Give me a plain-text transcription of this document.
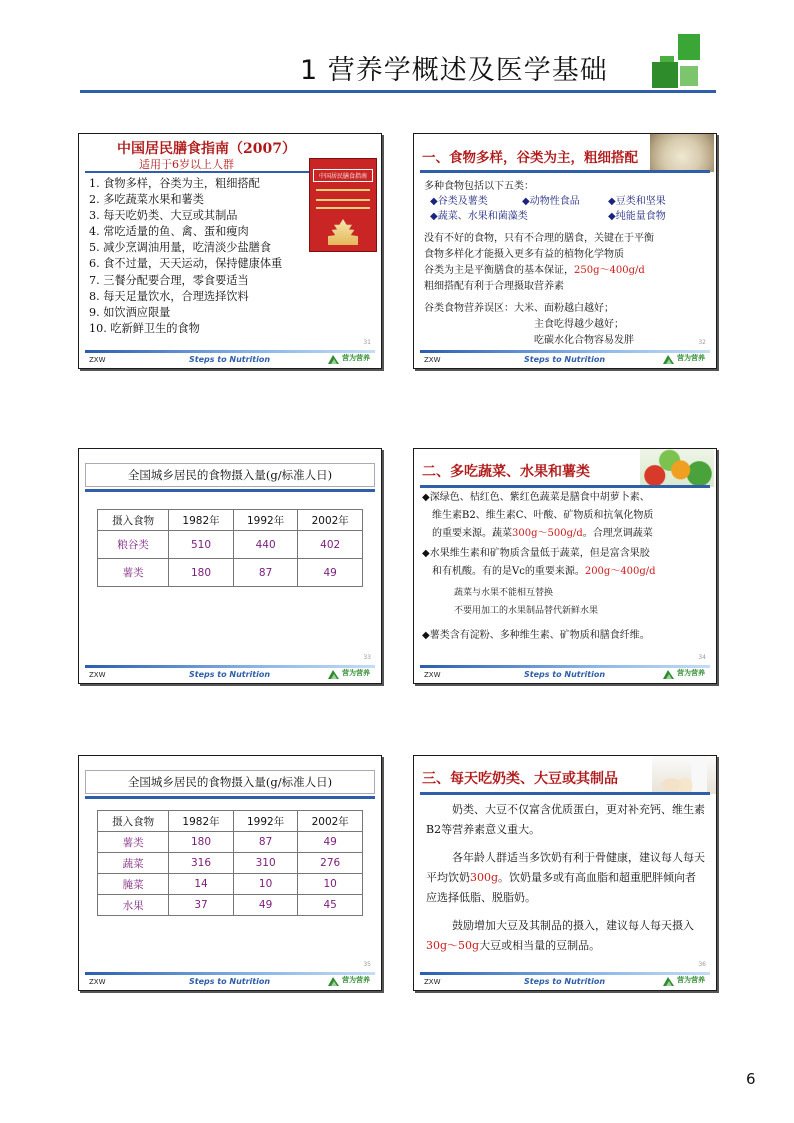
1 营养学概述及医学基础
中国居民膳食指南（2007）
适用于6岁以上人群
1. 食物多样，谷类为主，粗细搭配
2. 多吃蔬菜水果和薯类
3. 每天吃奶类、大豆或其制品
4. 常吃适量的鱼、禽、蛋和瘦肉
5. 减少烹调油用量，吃清淡少盐膳食
6. 食不过量，天天运动，保持健康体重
7. 三餐分配要合理，零食要适当
8. 每天足量饮水，合理选择饮料
9. 如饮酒应限量
10. 吃新鲜卫生的食物
中国居民膳食指南
31
ZXW	Steps to Nutrition	营为营养
一、食物多样，谷类为主，粗细搭配
多种食物包括以下五类：
◆谷类及薯类	◆动物性食品	◆豆类和坚果
◆蔬菜、水果和菌藻类	◆纯能量食物
没有不好的食物，只有不合理的膳食，关键在于平衡
食物多样化才能摄入更多有益的植物化学物质
谷类为主是平衡膳食的基本保证，250g～400g/d
粗细搭配有利于合理摄取营养素
谷类食物营养误区：大米、面粉越白越好；
主食吃得越少越好；
吃碳水化合物容易发胖	32
ZXW	Steps to Nutrition	营为营养
全国城乡居民的食物摄入量(g/标准人日)
摄入食物	1982年	1992年	2002年
粮谷类	510	440	402
薯类	180	87	49
33
ZXW	Steps to Nutrition	营为营养
二、多吃蔬菜、水果和薯类
◆深绿色、桔红色、紫红色蔬菜是膳食中胡萝卜素、
维生素B2、维生素C、叶酸、矿物质和抗氧化物质
的重要来源。蔬菜300g～500g/d。合理烹调蔬菜
◆水果维生素和矿物质含量低于蔬菜，但是富含果胶
和有机酸。有的是Vc的重要来源。200g～400g/d
蔬菜与水果不能相互替换
不要用加工的水果制品替代新鲜水果
◆薯类含有淀粉、多种维生素、矿物质和膳食纤维。
34
ZXW	Steps to Nutrition	营为营养
全国城乡居民的食物摄入量(g/标准人日)
摄入食物	1982年	1992年	2002年
薯类	180	87	49
蔬菜	316	310	276
腌菜	14	10	10
水果	37	49	45
35
ZXW	Steps to Nutrition	营为营养
三、每天吃奶类、大豆或其制品
奶类、大豆不仅富含优质蛋白，更对补充钙、维生素B2等营养素意义重大。
各年龄人群适当多饮奶有利于骨健康，建议每人每天平均饮奶300g。饮奶量多或有高血脂和超重肥胖倾向者应选择低脂、脱脂奶。
鼓励增加大豆及其制品的摄入，建议每人每天摄入30g～50g大豆或相当量的豆制品。
36
ZXW	Steps to Nutrition	营为营养
6
